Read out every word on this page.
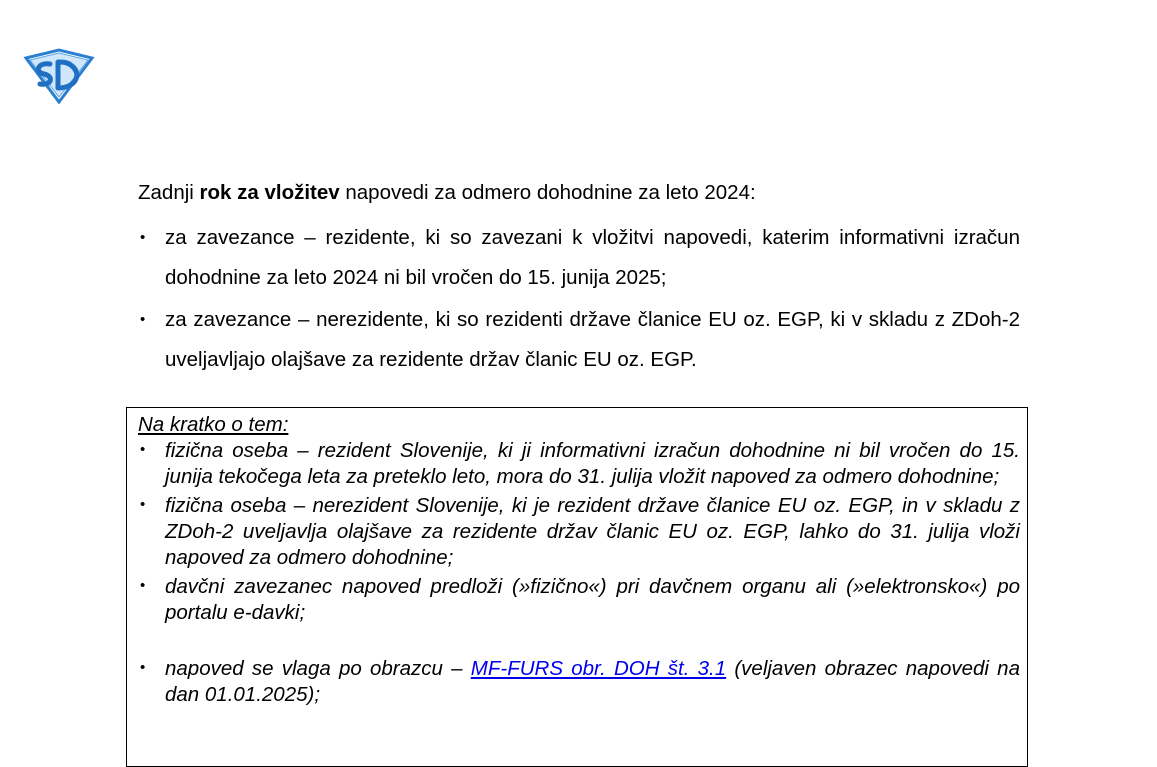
Zadnji rok za vložitev napovedi za odmero dohodnine za leto 2024:

• za zavezance – rezidente, ki so zavezani k vložitvi napovedi, katerim informativni izračun dohodnine za leto 2024 ni bil vročen do 15. junija 2025;
• za zavezance – nerezidente, ki so rezidenti države članice EU oz. EGP, ki v skladu z ZDoh-2 uveljavljajo olajšave za rezidente držav članic EU oz. EGP.

Na kratko o tem:

• fizična oseba – rezident Slovenije, ki ji informativni izračun dohodnine ni bil vročen do 15. junija tekočega leta za preteklo leto, mora do 31. julija vložit napoved za odmero dohodnine;
• fizična oseba – nerezident Slovenije, ki je rezident države članice EU oz. EGP, in v skladu z ZDoh-2 uveljavlja olajšave za rezidente držav članic EU oz. EGP, lahko do 31. julija vloži napoved za odmero dohodnine;
• davčni zavezanec napoved predloži (»fizično«) pri davčnem organu ali (»elektronsko«) po portalu e-davki;
• napoved se vlaga po obrazcu – MF-FURS obr. DOH št. 3.1 (veljaven obrazec napovedi na dan 01.01.2025);
